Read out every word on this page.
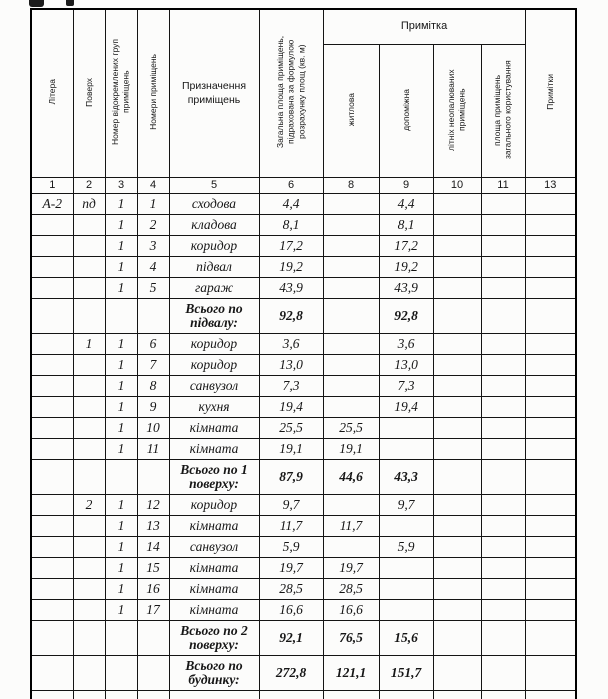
Літера	Поверх	Номер відокремлених груп приміщень	Номери приміщень	Призначення приміщень	Загальна площа приміщень, підрахована за формулою розрахунку площ (кв. м)	Примітка				Примітки
						житлова	допоміжна	літніх неопалюваних приміщень	площа приміщень загального користування	
1	2	3	4	5	6	8	9	10	11	13
А-2	пд	1	1	сходова	4,4		4,4			
		1	2	кладова	8,1		8,1			
		1	3	коридор	17,2		17,2			
		1	4	підвал	19,2		19,2			
		1	5	гараж	43,9		43,9			
				Всього по підвалу:	92,8		92,8			
	1	1	6	коридор	3,6		3,6			
		1	7	коридор	13,0		13,0			
		1	8	санвузол	7,3		7,3			
		1	9	кухня	19,4		19,4			
		1	10	кімната	25,5	25,5				
		1	11	кімната	19,1	19,1				
				Всього по 1 поверху:	87,9	44,6	43,3			
	2	1	12	коридор	9,7		9,7			
		1	13	кімната	11,7	11,7				
		1	14	санвузол	5,9		5,9			
		1	15	кімната	19,7	19,7				
		1	16	кімната	28,5	28,5				
		1	17	кімната	16,6	16,6				
				Всього по 2 поверху:	92,1	76,5	15,6			
				Всього по будинку:	272,8	121,1	151,7			
